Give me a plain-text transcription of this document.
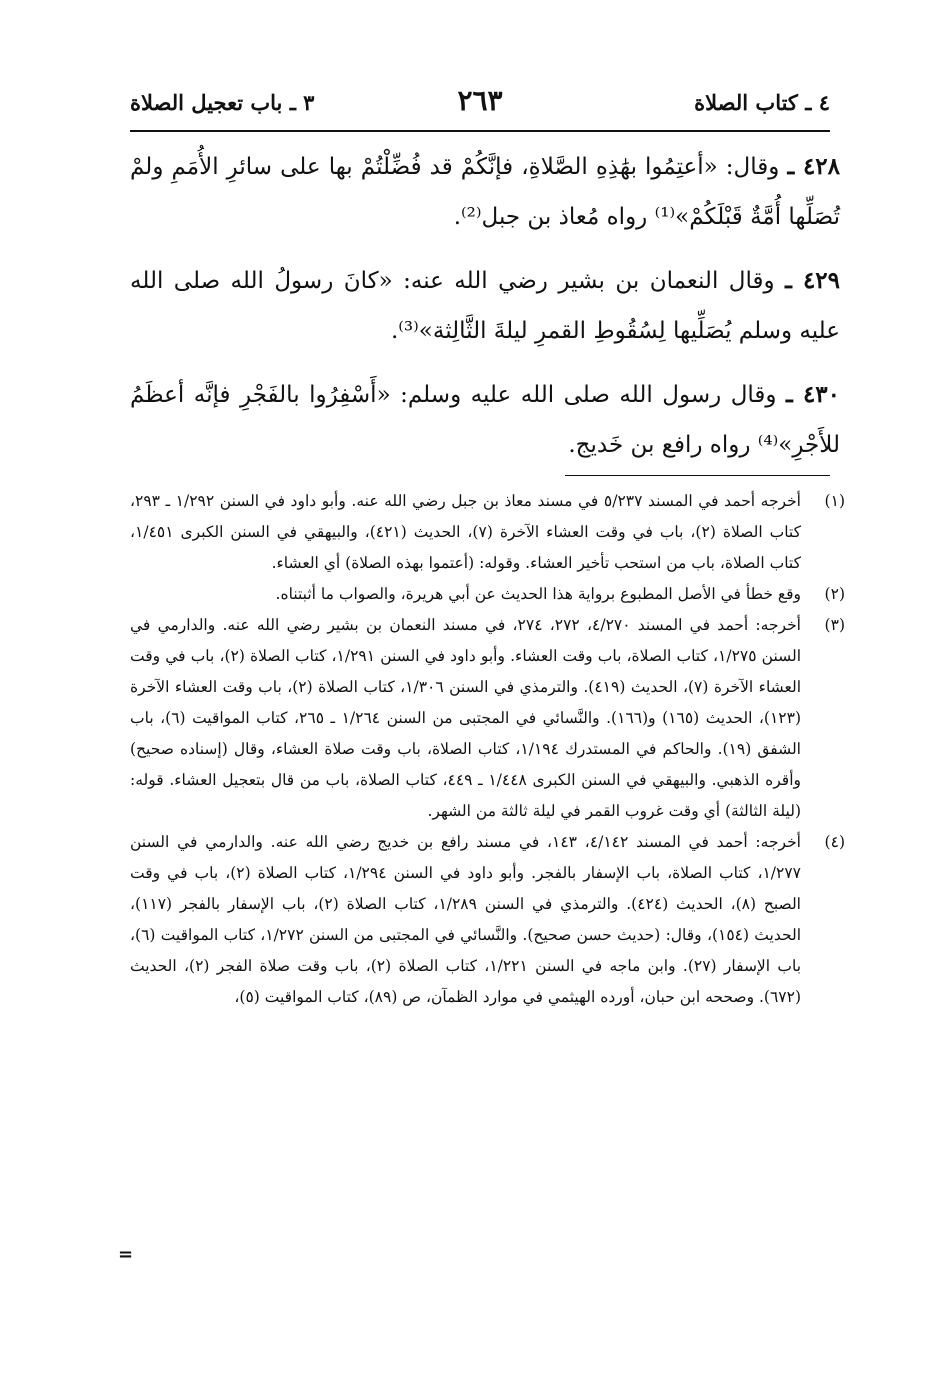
٤ ـ كتاب الصلاة
٢٦٣
٣ ـ باب تعجيل الصلاة

٤٢٨ ـ وقال: «أعتِمُوا بهَٰذِهِ الصَّلاةِ، فإنَّكُمْ قد فُضِّلْتُمْ بها على سائرِ الأُمَمِ ولمْ تُصَلِّها أُمَّةٌ قَبْلَكُمْ»⁽¹⁾ رواه مُعاذ بن جبل⁽²⁾.

٤٢٩ ـ وقال النعمان بن بشير رضي الله عنه: «كانَ رسولُ الله صلى الله عليه وسلم يُصَلِّيها لِسُقُوطِ القمرِ ليلةَ الثَّالِثة»⁽³⁾.

٤٣٠ ـ وقال رسول الله صلى الله عليه وسلم: «أَسْفِرُوا بالفَجْرِ فإنَّه أعظَمُ للأَجْرِ»⁽⁴⁾ رواه رافع بن خَديج.

(١)
أخرجه أحمد في المسند ٥/٢٣٧ في مسند معاذ بن جبل رضي الله عنه. وأبو داود في السنن ١/٢٩٢ ـ ٢٩٣، كتاب الصلاة (٢)، باب في وقت العشاء الآخرة (٧)، الحديث (٤٢١)، والبيهقي في السنن الكبرى ١/٤٥١، كتاب الصلاة، باب من استحب تأخير العشاء. وقوله: (أعتموا بهذه الصلاة) أي العشاء.
(٢)
وقع خطأ في الأصل المطبوع برواية هذا الحديث عن أبي هريرة، والصواب ما أثبتناه.
(٣)
أخرجه: أحمد في المسند ٤/٢٧٠، ٢٧٢، ٢٧٤، في مسند النعمان بن بشير رضي الله عنه. والدارمي في السنن ١/٢٧٥، كتاب الصلاة، باب وقت العشاء. وأبو داود في السنن ١/٢٩١، كتاب الصلاة (٢)، باب في وقت العشاء الآخرة (٧)، الحديث (٤١٩). والترمذي في السنن ١/٣٠٦، كتاب الصلاة (٢)، باب وقت العشاء الآخرة (١٢٣)، الحديث (١٦٥) و(١٦٦). والنَّسائي في المجتبى من السنن ١/٢٦٤ ـ ٢٦٥، كتاب المواقيت (٦)، باب الشفق (١٩). والحاكم في المستدرك ١/١٩٤، كتاب الصلاة، باب وقت صلاة العشاء، وقال (إسناده صحيح) وأقره الذهبي. والبيهقي في السنن الكبرى ١/٤٤٨ ـ ٤٤٩، كتاب الصلاة، باب من قال بتعجيل العشاء. قوله: (ليلة الثالثة) أي وقت غروب القمر في ليلة ثالثة من الشهر.
(٤)
أخرجه: أحمد في المسند ٤/١٤٢، ١٤٣، في مسند رافع بن خديج رضي الله عنه. والدارمي في السنن ١/٢٧٧، كتاب الصلاة، باب الإسفار بالفجر. وأبو داود في السنن ١/٢٩٤، كتاب الصلاة (٢)، باب في وقت الصبح (٨)، الحديث (٤٢٤). والترمذي في السنن ١/٢٨٩، كتاب الصلاة (٢)، باب الإسفار بالفجر (١١٧)، الحديث (١٥٤)، وقال: (حديث حسن صحيح). والنَّسائي في المجتبى من السنن ١/٢٧٢، كتاب المواقيت (٦)، باب الإسفار (٢٧). وابن ماجه في السنن ١/٢٢١، كتاب الصلاة (٢)، باب وقت صلاة الفجر (٢)، الحديث (٦٧٢). وصححه ابن حبان، أورده الهيثمي في موارد الظمآن، ص (٨٩)، كتاب المواقيت (٥)،
=
